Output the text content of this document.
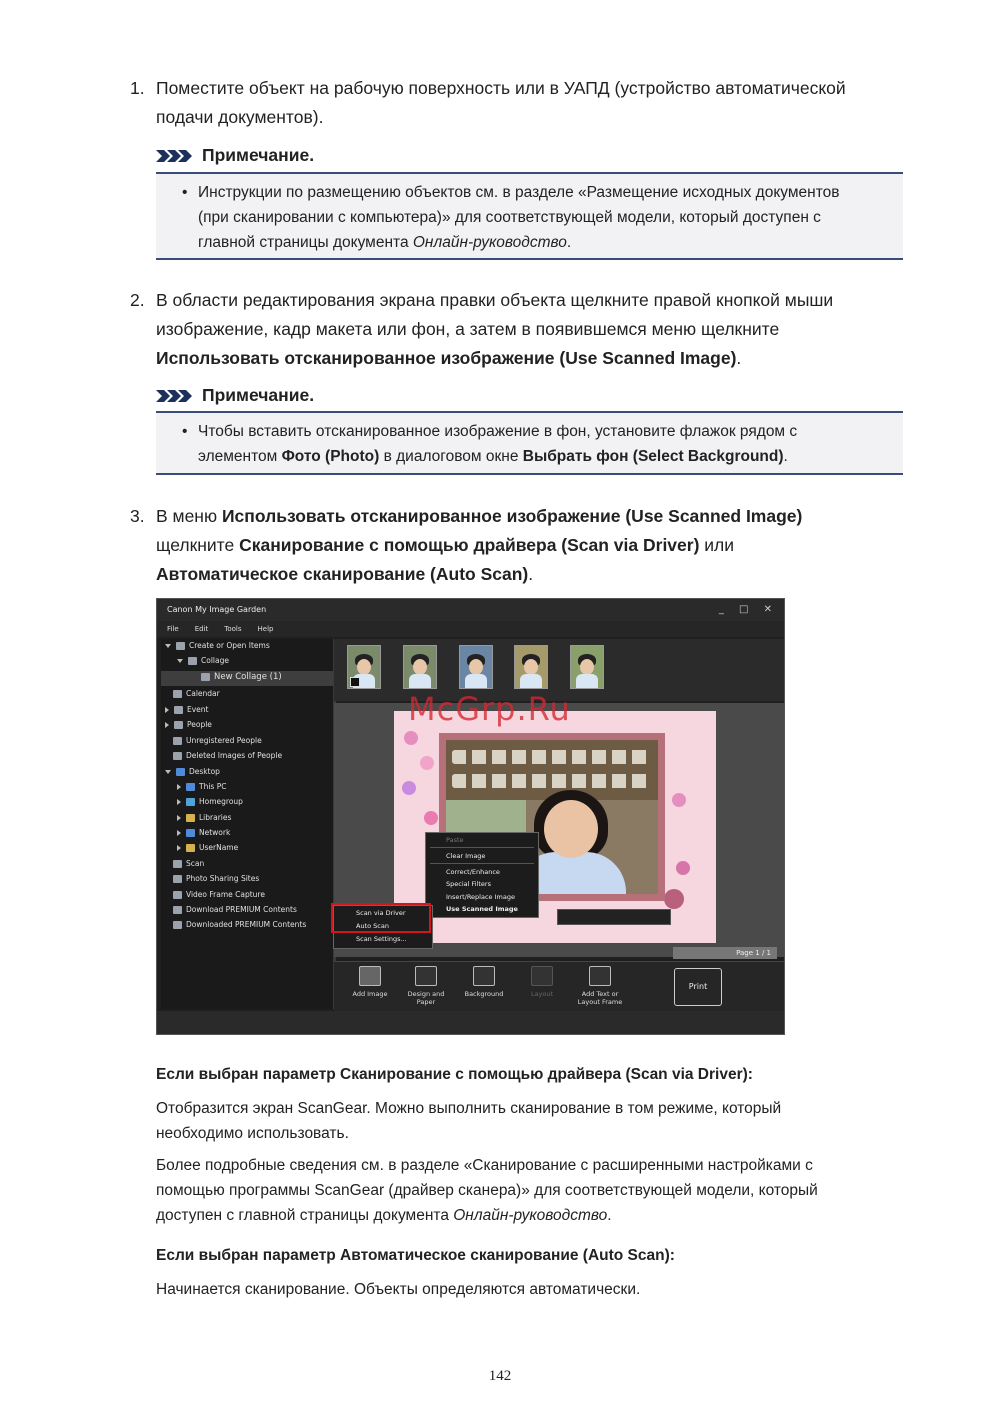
1. Поместите объект на рабочую поверхность или в УАПД (устройство автоматической
подачи документов).
Примечание.
• Инструкции по размещению объектов см. в разделе «Размещение исходных документов
(при сканировании с компьютера)» для соответствующей модели, который доступен с
главной страницы документа Онлайн-руководство.
2. В области редактирования экрана правки объекта щелкните правой кнопкой мыши
изображение, кадр макета или фон, а затем в появившемся меню щелкните
Использовать отсканированное изображение (Use Scanned Image).
Примечание.
• Чтобы вставить отсканированное изображение в фон, установите флажок рядом с
элементом Фото (Photo) в диалоговом окне Выбрать фон (Select Background).
3. В меню Использовать отсканированное изображение (Use Scanned Image)
щелкните Сканирование с помощью драйвера (Scan via Driver) или
Автоматическое сканирование (Auto Scan).
Canon My Image Garden	_ □ ✕
File Edit Tools Help
Create or Open Items
Collage
New Collage (1)
Calendar
Event
People
Unregistered People
Deleted Images of People
Desktop
This PC
Homegroup
Libraries
Network
UserName
Scan
Photo Sharing Sites
Video Frame Capture
Download PREMIUM Contents
Downloaded PREMIUM Contents
Paste
Clear Image
Correct/Enhance
Special Filters
Insert/Replace Image
Use Scanned Image
Scan via Driver
Auto Scan
Scan Settings...
Page 1 / 1
Add Image	Design and Paper
Background	Layout	Add Text or Layout Frame
Print
McGrp.Ru
Если выбран параметр Сканирование с помощью драйвера (Scan via Driver):
Отобразится экран ScanGear. Можно выполнить сканирование в том режиме, который
необходимо использовать.
Более подробные сведения см. в разделе «Сканирование с расширенными настройками с
помощью программы ScanGear (драйвер сканера)» для соответствующей модели, который
доступен с главной страницы документа Онлайн-руководство.
Если выбран параметр Автоматическое сканирование (Auto Scan):
Начинается сканирование. Объекты определяются автоматически.
142
